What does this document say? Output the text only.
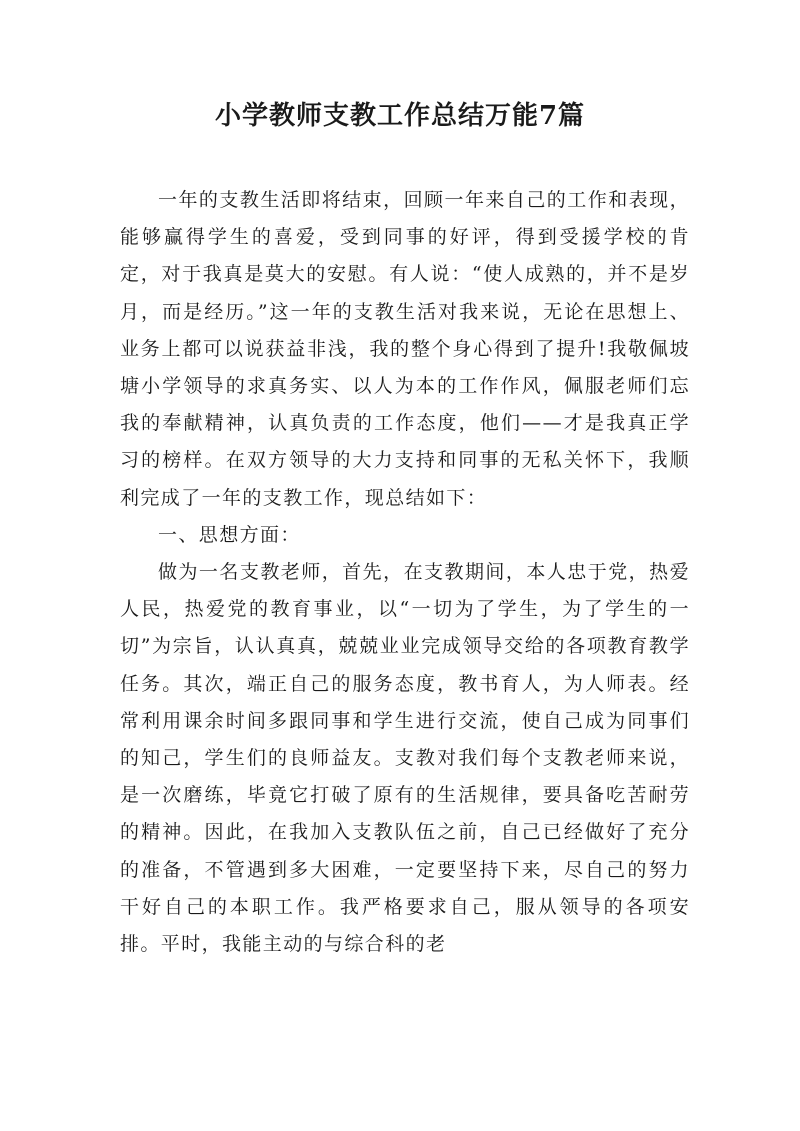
小学教师支教工作总结万能7篇

一年的支教生活即将结束，回顾一年来自己的工作和表现，能够赢得学生的喜爱，受到同事的好评，得到受援学校的肯定，对于我真是莫大的安慰。有人说：“使人成熟的，并不是岁月，而是经历。”这一年的支教生活对我来说，无论在思想上、业务上都可以说获益非浅，我的整个身心得到了提升!我敬佩坡塘小学领导的求真务实、以人为本的工作作风，佩服老师们忘我的奉献精神，认真负责的工作态度，他们——才是我真正学习的榜样。在双方领导的大力支持和同事的无私关怀下，我顺利完成了一年的支教工作，现总结如下：

一、思想方面：

做为一名支教老师，首先，在支教期间，本人忠于党，热爱人民，热爱党的教育事业，以“一切为了学生，为了学生的一切”为宗旨，认认真真，兢兢业业完成领导交给的各项教育教学任务。其次，端正自己的服务态度，教书育人，为人师表。经常利用课余时间多跟同事和学生进行交流，使自己成为同事们的知己，学生们的良师益友。支教对我们每个支教老师来说，是一次磨练，毕竟它打破了原有的生活规律，要具备吃苦耐劳的精神。因此，在我加入支教队伍之前，自己已经做好了充分的准备，不管遇到多大困难，一定要坚持下来，尽自己的努力干好自己的本职工作。我严格要求自己，服从领导的各项安排。平时，我能主动的与综合科的老
